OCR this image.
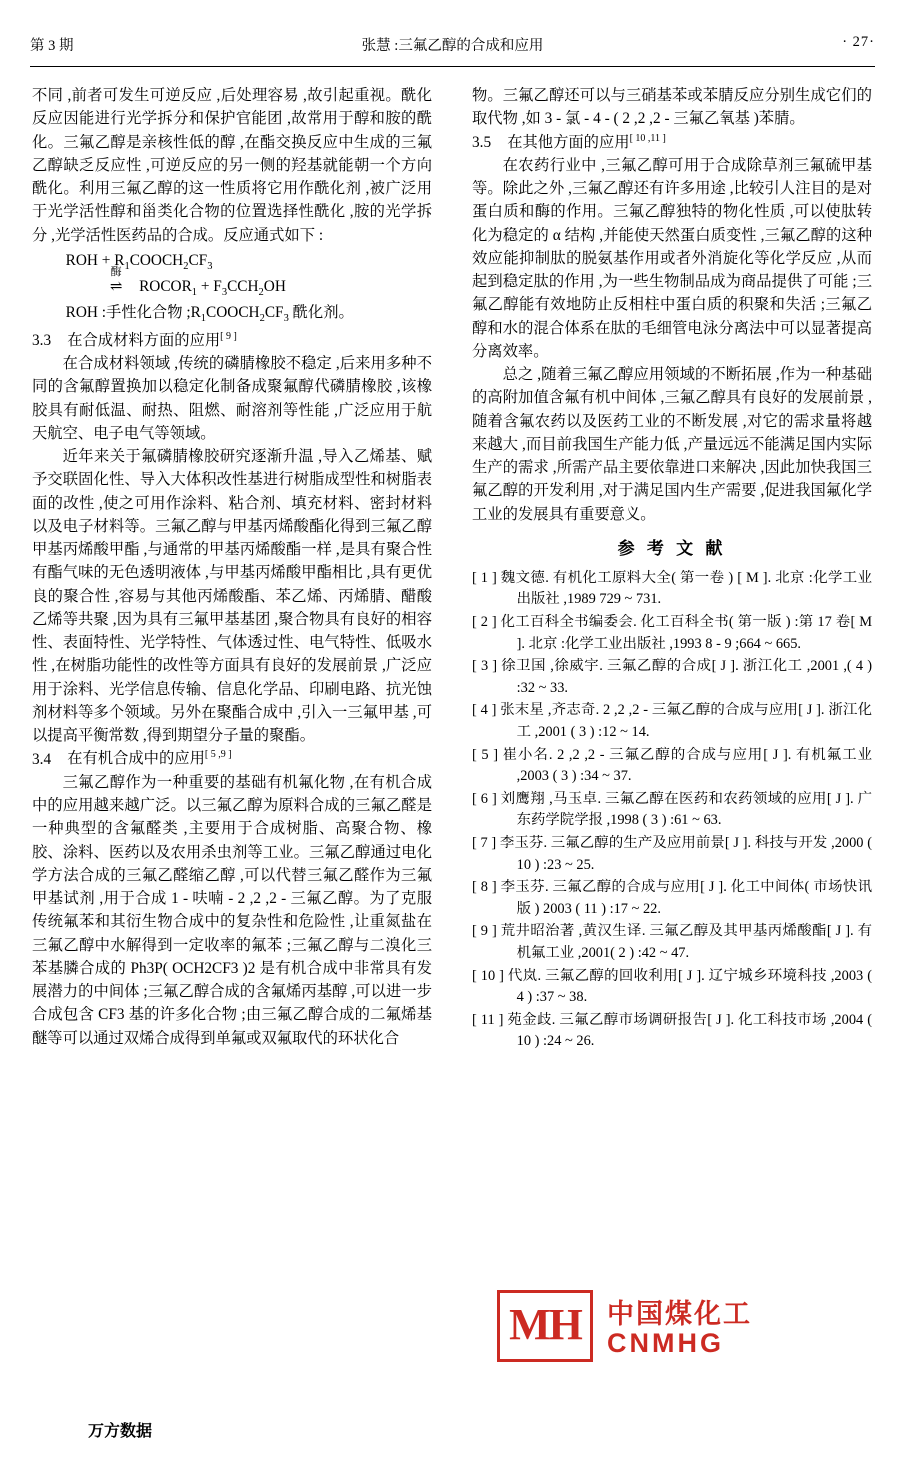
第 3 期	张慧 :三氟乙醇的合成和应用	· 27·

不同 ,前者可发生可逆反应 ,后处理容易 ,故引起重视。酰化反应因能进行光学拆分和保护官能团 ,故常用于醇和胺的酰化。三氟乙醇是亲核性低的醇 ,在酯交换反应中生成的三氟乙醇缺乏反应性 ,可逆反应的另一侧的羟基就能朝一个方向酰化。利用三氟乙醇的这一性质将它用作酰化剂 ,被广泛用于光学活性醇和甾类化合物的位置选择性酰化 ,胺的光学拆分 ,光学活性医药品的合成。反应通式如下 :

ROH + $R_1COOCH_2CF_3$
酶
⇌ $ROCOR_1 + F_3CCH_2OH$
ROH :手性化合物 $;R_1COOCH_2CF_3$ 酰化剂。

3.3 在合成材料方面的应用[ 9 ]

在合成材料领域 ,传统的磷腈橡胶不稳定 ,后来用多种不同的含氟醇置换加以稳定化制备成聚氟醇代磷腈橡胶 ,该橡胶具有耐低温、耐热、阻燃、耐溶剂等性能 ,广泛应用于航天航空、电子电气等领域。

近年来关于氟磷腈橡胶研究逐渐升温 ,导入乙烯基、赋予交联固化性、导入大体积改性基进行树脂成型性和树脂表面的改性 ,使之可用作涂料、粘合剂、填充材料、密封材料以及电子材料等。三氟乙醇与甲基丙烯酸酯化得到三氟乙醇甲基丙烯酸甲酯 ,与通常的甲基丙烯酸酯一样 ,是具有聚合性有酯气味的无色透明液体 ,与甲基丙烯酸甲酯相比 ,具有更优良的聚合性 ,容易与其他丙烯酸酯、苯乙烯、丙烯腈、醋酸乙烯等共聚 ,因为具有三氟甲基基团 ,聚合物具有良好的相容性、表面特性、光学特性、气体透过性、电气特性、低吸水性 ,在树脂功能性的改性等方面具有良好的发展前景 ,广泛应用于涂料、光学信息传输、信息化学品、印刷电路、抗光蚀剂材料等多个领域。另外在聚酯合成中 ,引入一三氟甲基 ,可以提高平衡常数 ,得到期望分子量的聚酯。

3.4 在有机合成中的应用[ 5 ,9 ]

三氟乙醇作为一种重要的基础有机氟化物 ,在有机合成中的应用越来越广泛。以三氟乙醇为原料合成的三氟乙醛是一种典型的含氟醛类 ,主要用于合成树脂、高聚合物、橡胶、涂料、医药以及农用杀虫剂等工业。三氟乙醇通过电化学方法合成的三氟乙醛缩乙醇 ,可以代替三氟乙醛作为三氟甲基试剂 ,用于合成 1 - 呋喃 - 2 ,2 ,2 - 三氟乙醇。为了克服传统氟苯和其衍生物合成中的复杂性和危险性 ,让重氮盐在三氟乙醇中水解得到一定收率的氟苯 ;三氟乙醇与二溴化三苯基膦合成的 Ph3P( OCH2CF3 )2 是有机合成中非常具有发展潜力的中间体 ;三氟乙醇合成的含氟烯丙基醇 ,可以进一步合成包含 CF3 基的许多化合物 ;由三氟乙醇合成的二氟烯基醚等可以通过双烯合成得到单氟或双氟取代的环状化合

物。三氟乙醇还可以与三硝基苯或苯腈反应分别生成它们的取代物 ,如 3 - 氯 - 4 - ( 2 ,2 ,2 - 三氟乙氧基 )苯腈。

3.5 在其他方面的应用[ 10 ,11 ]

在农药行业中 ,三氟乙醇可用于合成除草剂三氟硫甲基等。除此之外 ,三氟乙醇还有许多用途 ,比较引人注目的是对蛋白质和酶的作用。三氟乙醇独特的物化性质 ,可以使肽转化为稳定的 α 结构 ,并能使天然蛋白质变性 ,三氟乙醇的这种效应能抑制肽的脱氨基作用或者外消旋化等化学反应 ,从而起到稳定肽的作用 ,为一些生物制品成为商品提供了可能 ;三氟乙醇能有效地防止反相柱中蛋白质的积聚和失活 ;三氟乙醇和水的混合体系在肽的毛细管电泳分离法中可以显著提高分离效率。

总之 ,随着三氟乙醇应用领域的不断拓展 ,作为一种基础的高附加值含氟有机中间体 ,三氟乙醇具有良好的发展前景 ,随着含氟农药以及医药工业的不断发展 ,对它的需求量将越来越大 ,而目前我国生产能力低 ,产量远远不能满足国内实际生产的需求 ,所需产品主要依靠进口来解决 ,因此加快我国三氟乙醇的开发利用 ,对于满足国内生产需要 ,促进我国氟化学工业的发展具有重要意义。

参 考 文 献

[ 1 ] 魏文德. 有机化工原料大全( 第一卷 ) [ M ]. 北京 :化学工业出版社 ,1989 729 ~ 731.

[ 2 ] 化工百科全书编委会. 化工百科全书( 第一版 ) :第 17 卷[ M ]. 北京 :化学工业出版社 ,1993 8 - 9 ;664 ~ 665.

[ 3 ] 徐卫国 ,徐威宇. 三氟乙醇的合成[ J ]. 浙江化工 ,2001 ,( 4 ) :32 ~ 33.

[ 4 ] 张末星 ,齐志奇. 2 ,2 ,2 - 三氟乙醇的合成与应用[ J ]. 浙江化工 ,2001 ( 3 ) :12 ~ 14.

[ 5 ] 崔小名. 2 ,2 ,2 - 三氟乙醇的合成与应用[ J ]. 有机氟工业 ,2003 ( 3 ) :34 ~ 37.

[ 6 ] 刘鹰翔 ,马玉卓. 三氟乙醇在医药和农药领域的应用[ J ]. 广东药学院学报 ,1998 ( 3 ) :61 ~ 63.

[ 7 ] 李玉芬. 三氟乙醇的生产及应用前景[ J ]. 科技与开发 ,2000 ( 10 ) :23 ~ 25.

[ 8 ] 李玉芬. 三氟乙醇的合成与应用[ J ]. 化工中间体( 市场快讯版 ) 2003 ( 11 ) :17 ~ 22.

[ 9 ] 荒井昭治著 ,黄汉生译. 三氟乙醇及其甲基丙烯酸酯[ J ]. 有机氟工业 ,2001( 2 ) :42 ~ 47.

[ 10 ] 代岚. 三氟乙醇的回收利用[ J ]. 辽宁城乡环境科技 ,2003 ( 4 ) :37 ~ 38.

[ 11 ] 苑金歧. 三氟乙醇市场调研报告[ J ]. 化工科技市场 ,2004 ( 10 ) :24 ~ 26.

MH 中国煤化工
CNMHG
万方数据
